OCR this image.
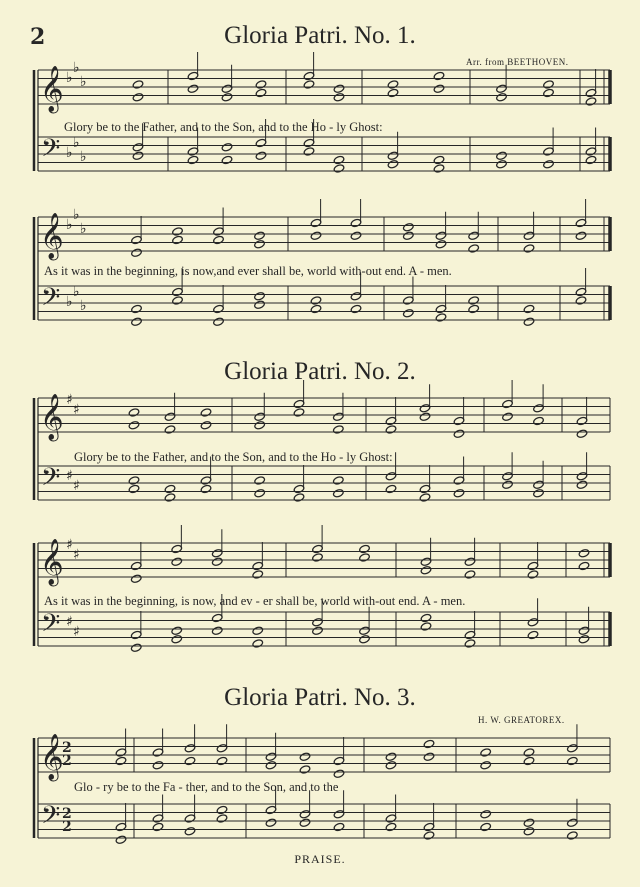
2	Gloria Patri. No. 1.
Arr. from BEETHOVEN.
Glory be to the Father, and to the Son, and to the Ho - ly Ghost:
As it was in the beginning, is now,and ever shall be, world with-out end. A - men.
Gloria Patri. No. 2.
Glory be to the Father, and to the Son, and to the Ho - ly Ghost:
As it was in the beginning, is now, and ev - er shall be, world with-out end. A - men.
Gloria Patri. No. 3.
H. W. GREATOREX.
Glo - ry be to the Fa - ther, and to the Son, and to the
PRAISE.
𝄞
𝄢
♭
♭
♭
♭
♭
♭
𝄞
𝄢
♭
♭
♭
♭
♭
♭
𝄞
𝄢
♯
♯
♯
♯
𝄞
𝄢
♯
♯
♯
♯
𝄞
𝄢
2
2
2
2
